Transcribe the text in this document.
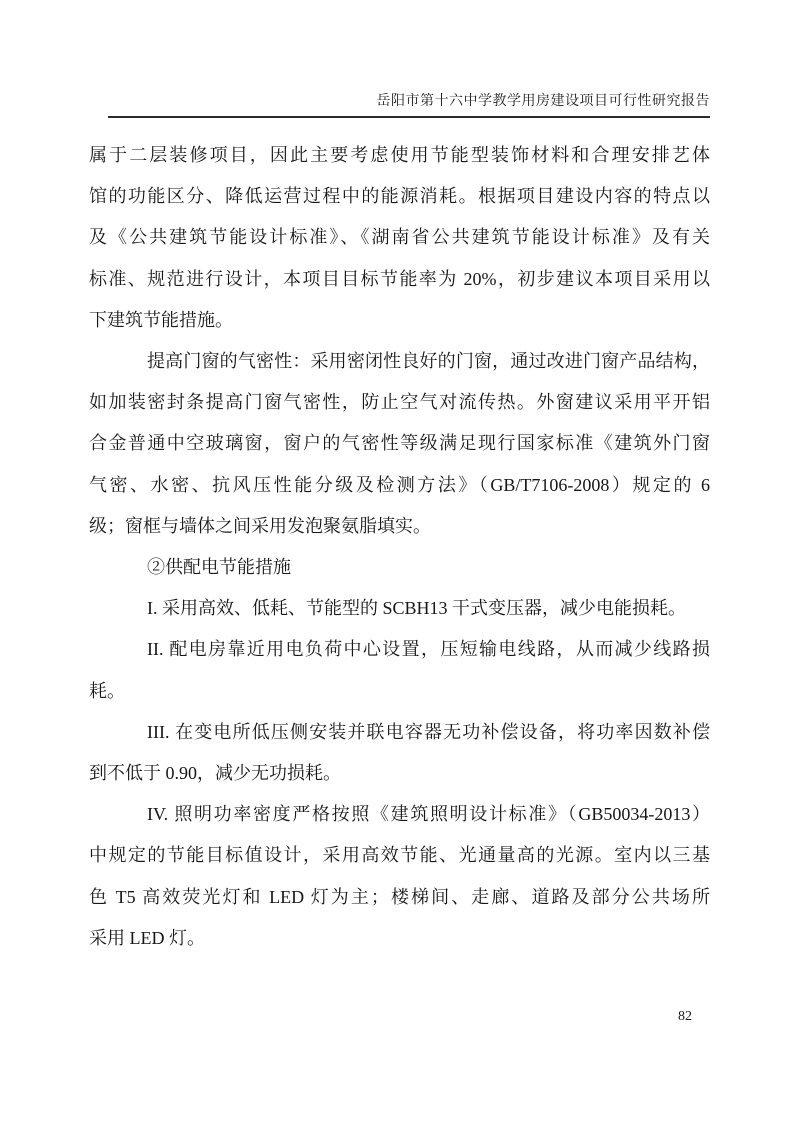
岳阳市第十六中学教学用房建设项目可行性研究报告
属于二层装修项目，因此主要考虑使用节能型装饰材料和合理安排艺体
馆的功能区分、降低运营过程中的能源消耗。根据项目建设内容的特点以
及《公共建筑节能设计标准》、《湖南省公共建筑节能设计标准》及有关
标准、规范进行设计，本项目目标节能率为 20%，初步建议本项目采用以
下建筑节能措施。
提高门窗的气密性：采用密闭性良好的门窗，通过改进门窗产品结构，
如加装密封条提高门窗气密性，防止空气对流传热。外窗建议采用平开铝
合金普通中空玻璃窗，窗户的气密性等级满足现行国家标准《建筑外门窗
气密、水密、抗风压性能分级及检测方法》（GB/T7106-2008）规定的 6
级；窗框与墙体之间采用发泡聚氨脂填实。
②供配电节能措施
I. 采用高效、低耗、节能型的 SCBH13 干式变压器，减少电能损耗。
II. 配电房靠近用电负荷中心设置，压短输电线路，从而减少线路损
耗。
III. 在变电所低压侧安装并联电容器无功补偿设备，将功率因数补偿
到不低于 0.90，减少无功损耗。
IV. 照明功率密度严格按照《建筑照明设计标准》（GB50034-2013）
中规定的节能目标值设计，采用高效节能、光通量高的光源。室内以三基
色 T5 高效荧光灯和 LED 灯为主；楼梯间、走廊、道路及部分公共场所
采用 LED 灯。
82
